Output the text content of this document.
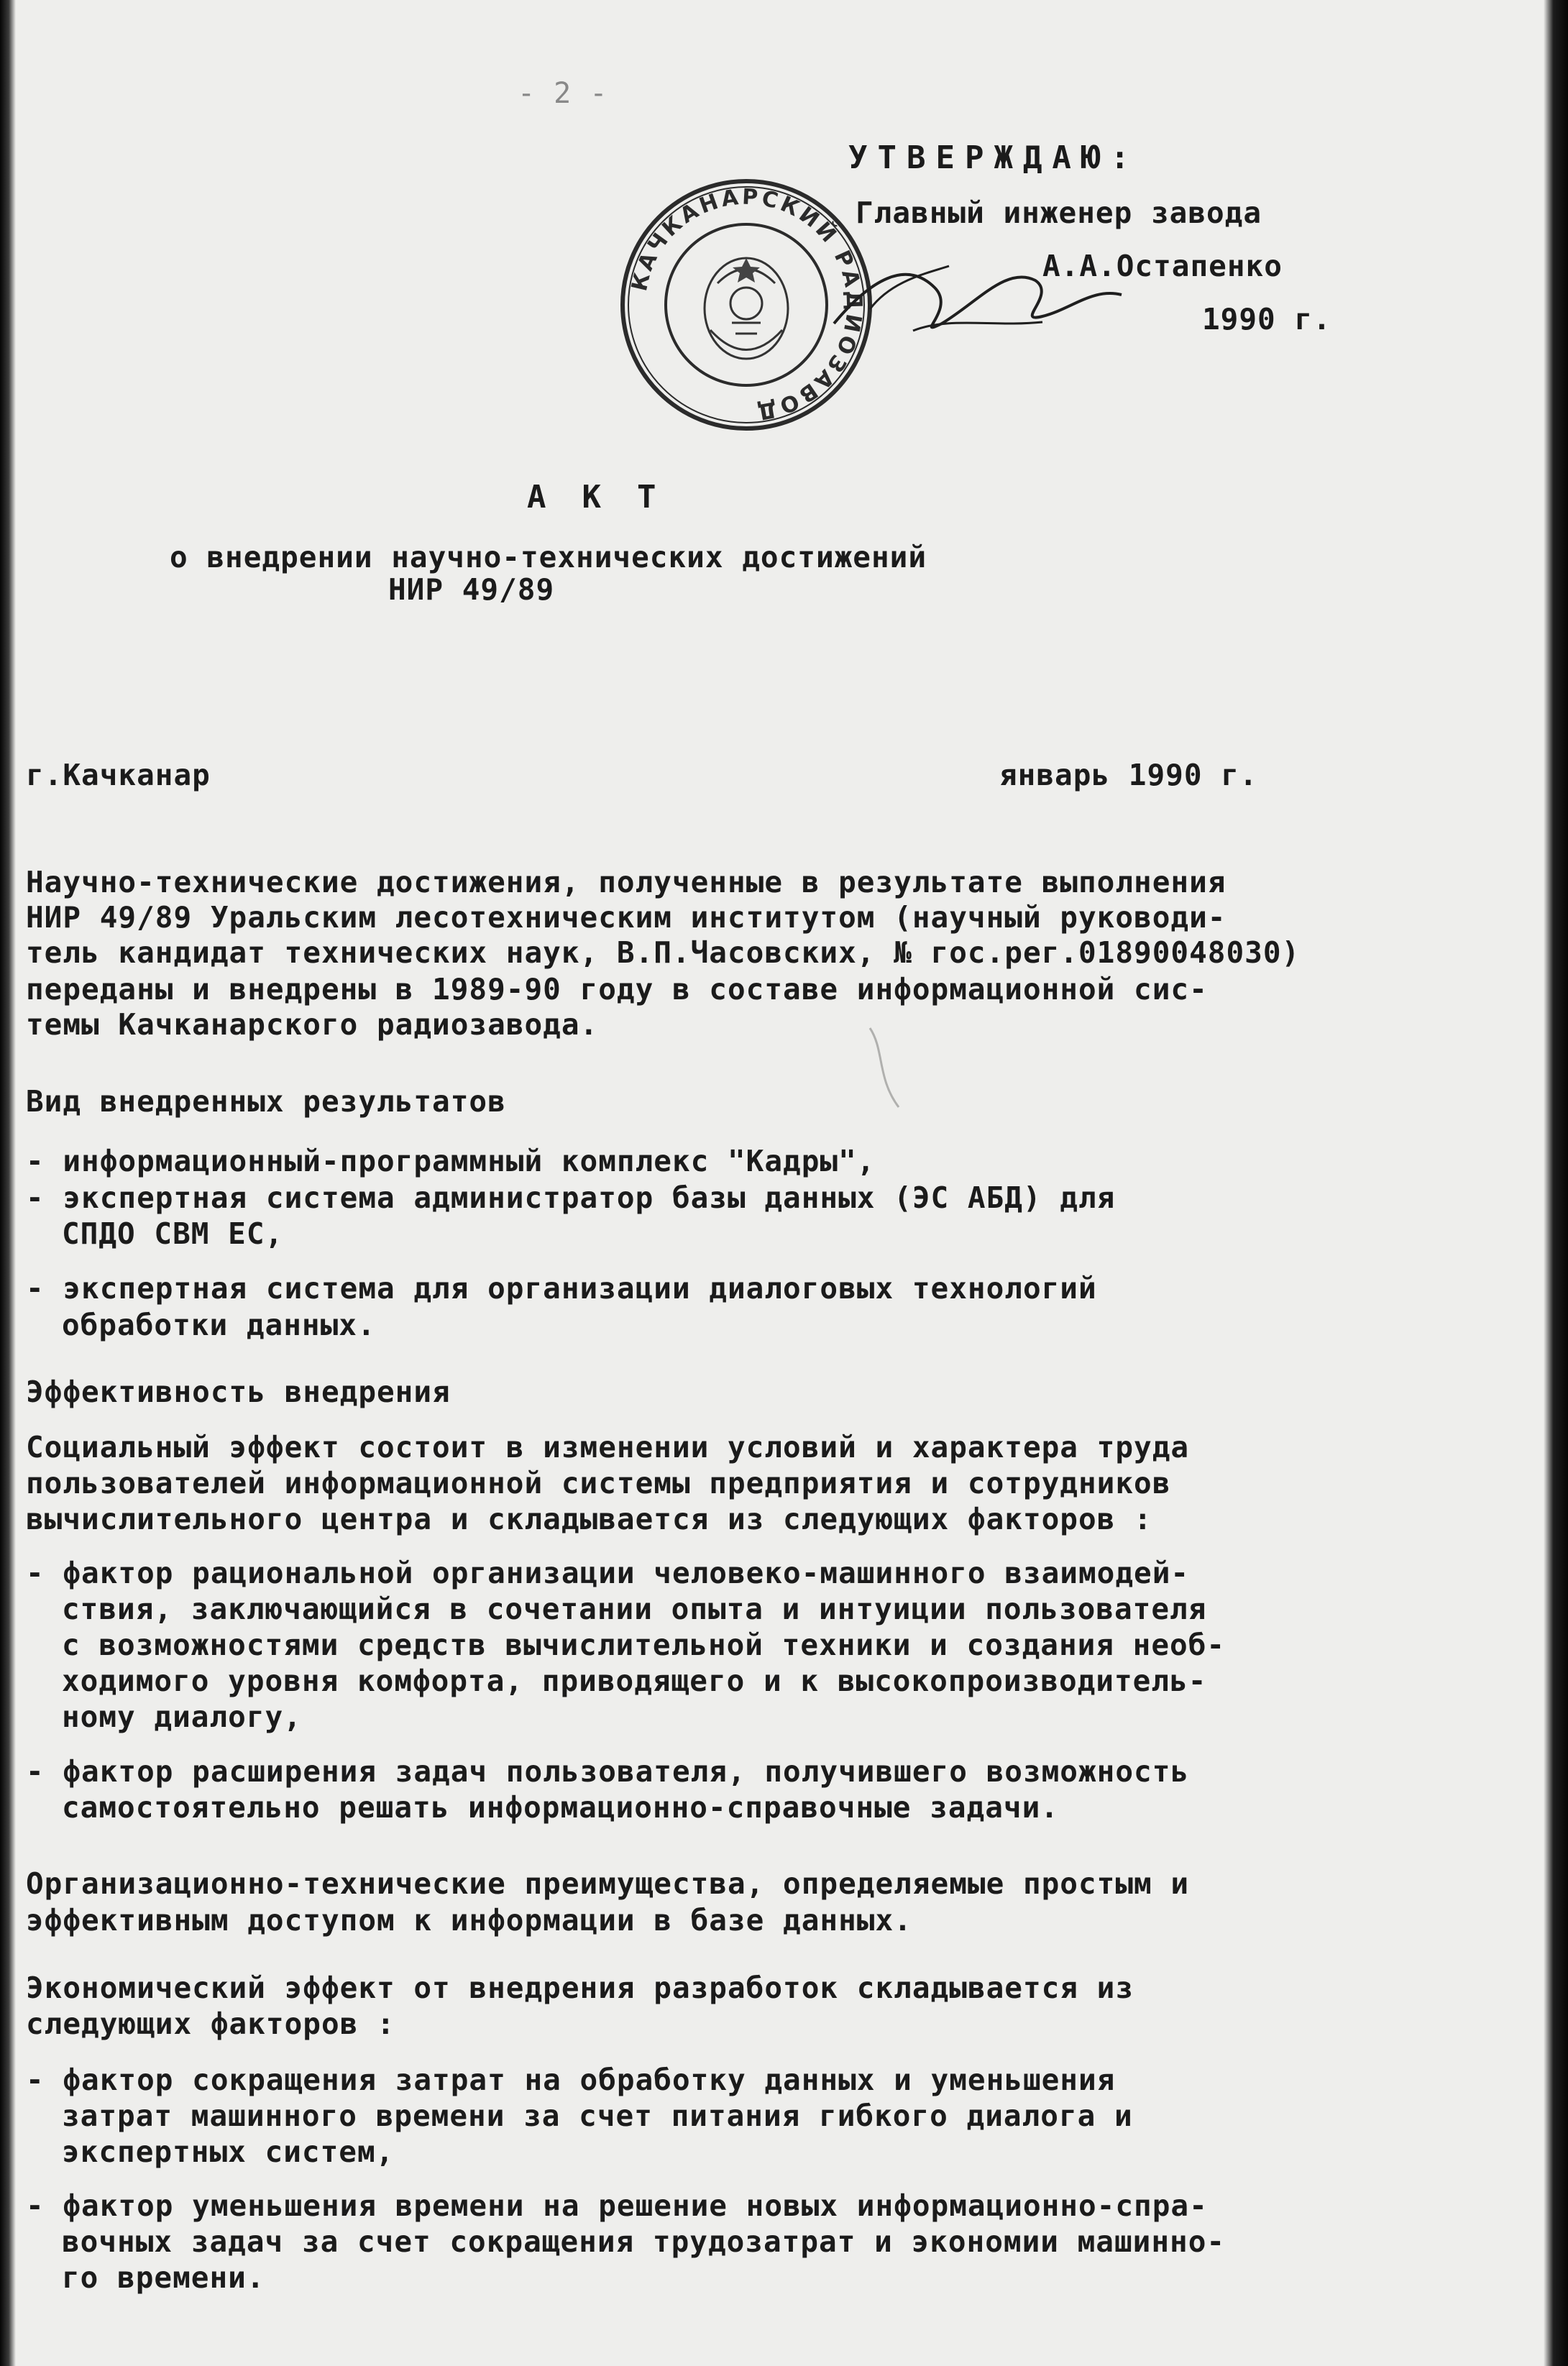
- 2 -
УТВЕРЖДАЮ:
Главный инженер завода
А.А.Остапенко
1990 г.
КАЧКАНАРСКИЙ РАДИОЗАВОД
АКТ
о внедрении научно-технических достижений
НИР 49/89
г.Качканар	январь 1990 г.
Научно-технические достижения, полученные в результате выполнения
НИР 49/89 Уральским лесотехническим институтом (научный руководи-
тель кандидат технических наук, В.П.Часовских, № гос.рег.01890048030)
переданы и внедрены в 1989-90 году в составе информационной сис-
темы Качканарского радиозавода.
Вид внедренных результатов
- информационный-программный комплекс "Кадры",
- экспертная система администратор базы данных (ЭС АБД) для
СПДО СВМ ЕС,
- экспертная система для организации диалоговых технологий
обработки данных.
Эффективность внедрения
Социальный эффект состоит в изменении условий и характера труда
пользователей информационной системы предприятия и сотрудников
вычислительного центра и складывается из следующих факторов :
- фактор рациональной организации человеко-машинного взаимодей-
ствия, заключающийся в сочетании опыта и интуиции пользователя
с возможностями средств вычислительной техники и создания необ-
ходимого уровня комфорта, приводящего и к высокопроизводитель-
ному диалогу,
- фактор расширения задач пользователя, получившего возможность
самостоятельно решать информационно-справочные задачи.
Организационно-технические преимущества, определяемые простым и
эффективным доступом к информации в базе данных.
Экономический эффект от внедрения разработок складывается из
следующих факторов :
- фактор сокращения затрат на обработку данных и уменьшения
затрат машинного времени за счет питания гибкого диалога и
экспертных систем,
- фактор уменьшения времени на решение новых информационно-спра-
вочных задач за счет сокращения трудозатрат и экономии машинно-
го времени.
